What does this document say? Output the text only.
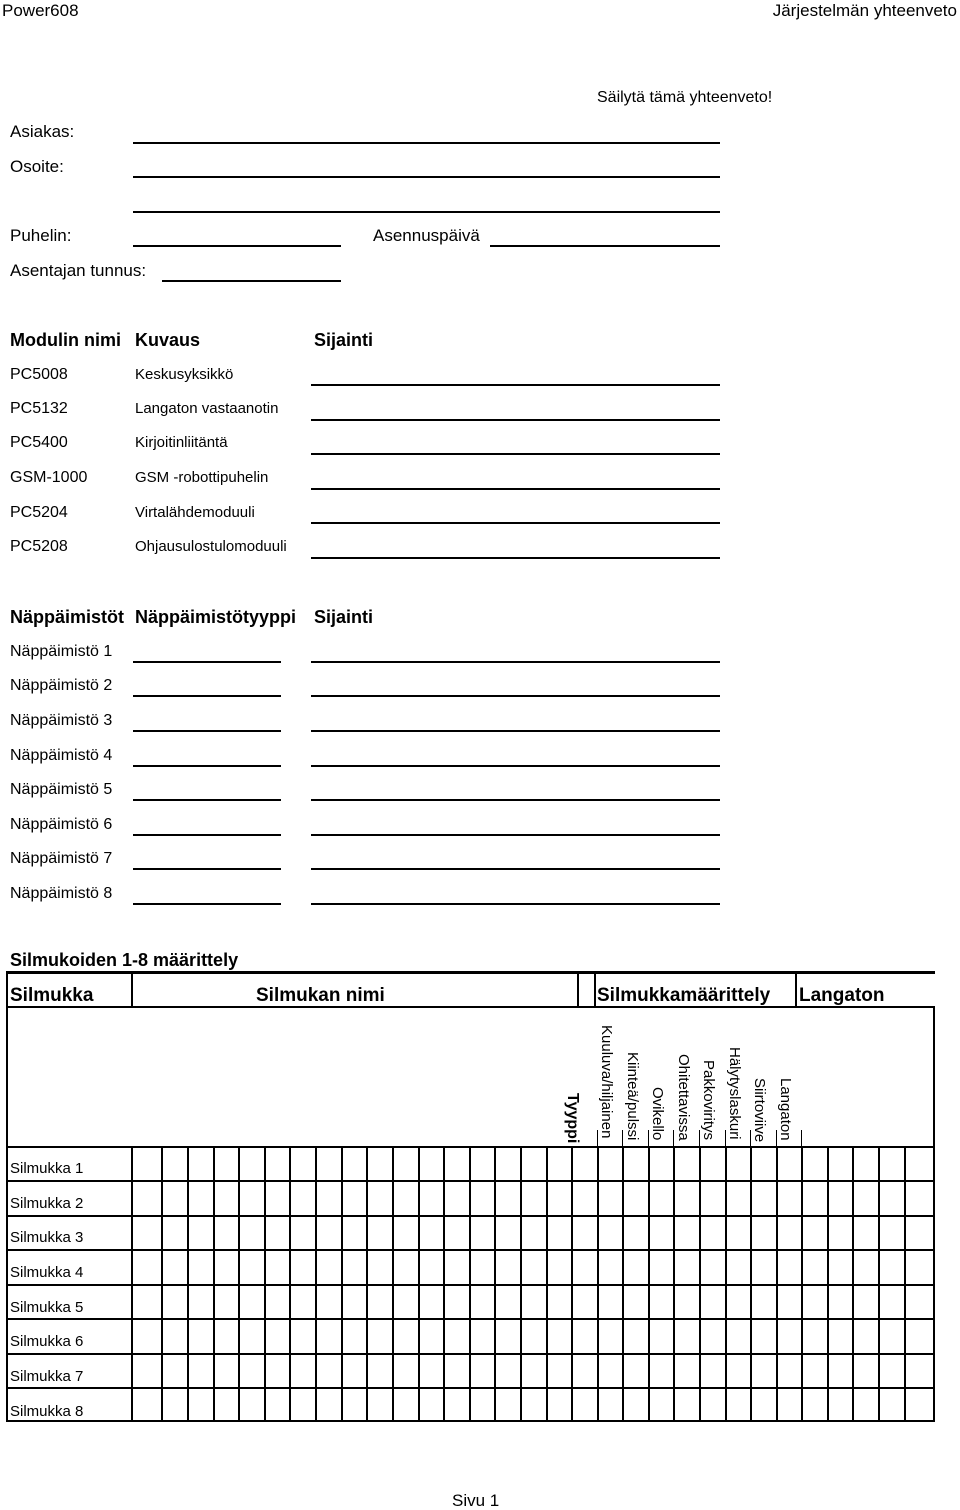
Power608	Järjestelmän yhteenveto
Säilytä tämä yhteenveto!
Asiakas:
Osoite:
Puhelin:	Asennuspäivä
Asentajan tunnus:
Modulin nimi Kuvaus	Sijainti
PC5008	Keskusyksikkö
PC5132	Langaton vastaanotin
PC5400	Kirjoitinliitäntä
GSM-1000	GSM -robottipuhelin
PC5204	Virtalähdemoduuli
PC5208	Ohjausulostulomoduuli
Näppäimistöt Näppäimistötyyppi Sijainti
Näppäimistö 1
Näppäimistö 2
Näppäimistö 3
Näppäimistö 4
Näppäimistö 5
Näppäimistö 6
Näppäimistö 7
Näppäimistö 8
Silmukoiden 1-8 määrittely
Silmukka	Silmukan nimi	Silmukkamäärittely Langaton
Tyyppi Kuuluva/hiljainen Kiinteä/pulssi Ovikello Ohitettavissa Pakkoviritys Hälytyslaskuri Siirtoviive Langaton
Silmukka 1
Silmukka 2
Silmukka 3
Silmukka 4
Silmukka 5
Silmukka 6
Silmukka 7
Silmukka 8
Sivu 1
